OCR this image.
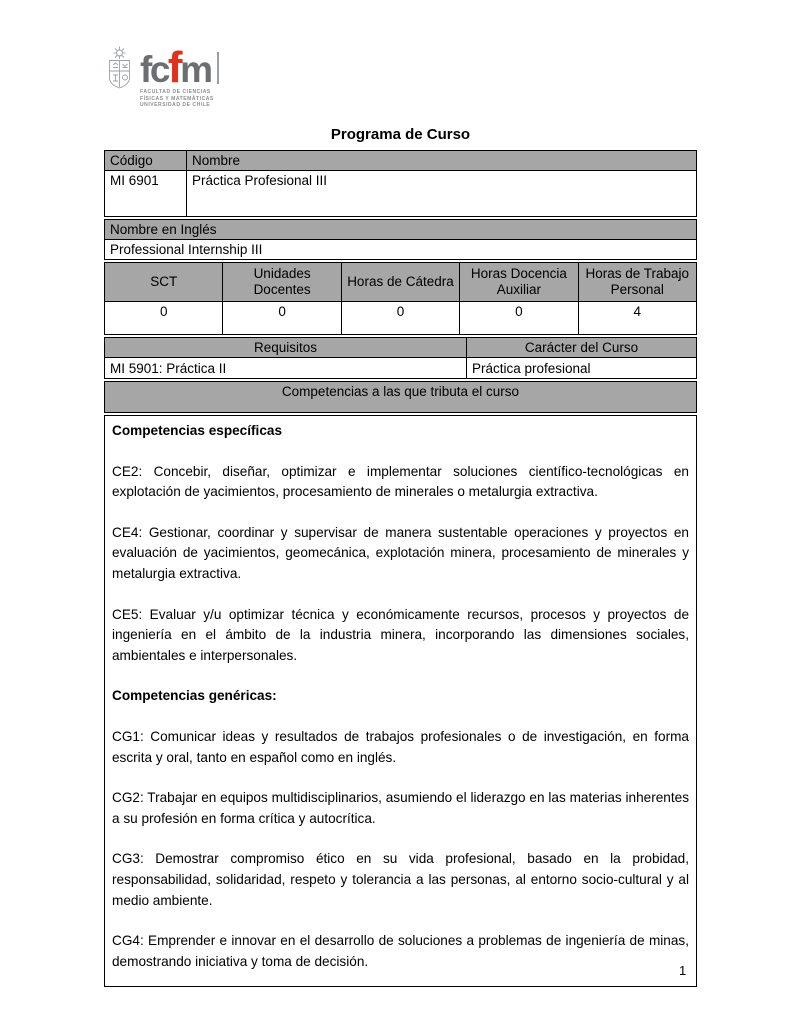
fcfm
FACULTAD DE CIENCIAS
FÍSICAS Y MATEMÁTICAS
UNIVERSIDAD DE CHILE
Programa de Curso
Código	Nombre
MI 6901	Práctica Profesional III
Nombre en Inglés
Professional Internship III
SCT	Unidades Docentes	Horas de Cátedra	Horas Docencia Auxiliar	Horas de Trabajo Personal
0	0	0	0	4
Requisitos	Carácter del Curso
MI 5901: Práctica II	Práctica profesional
Competencias a las que tributa el curso

Competencias específicas

CE2: Concebir, diseñar, optimizar e implementar soluciones científico-tecnológicas en explotación de yacimientos, procesamiento de minerales o metalurgia extractiva.

CE4: Gestionar, coordinar y supervisar de manera sustentable operaciones y proyectos en evaluación de yacimientos, geomecánica, explotación minera, procesamiento de minerales y metalurgia extractiva.

CE5: Evaluar y/u optimizar técnica y económicamente recursos, procesos y proyectos de ingeniería en el ámbito de la industria minera, incorporando las dimensiones sociales, ambientales e interpersonales.

Competencias genéricas:

CG1: Comunicar ideas y resultados de trabajos profesionales o de investigación, en forma escrita y oral, tanto en español como en inglés.

CG2: Trabajar en equipos multidisciplinarios, asumiendo el liderazgo en las materias inherentes a su profesión en forma crítica y autocrítica.

CG3: Demostrar compromiso ético en su vida profesional, basado en la probidad, responsabilidad, solidaridad, respeto y tolerancia a las personas, al entorno socio-cultural y al medio ambiente.

CG4: Emprender e innovar en el desarrollo de soluciones a problemas de ingeniería de minas, demostrando iniciativa y toma de decisión.

1
